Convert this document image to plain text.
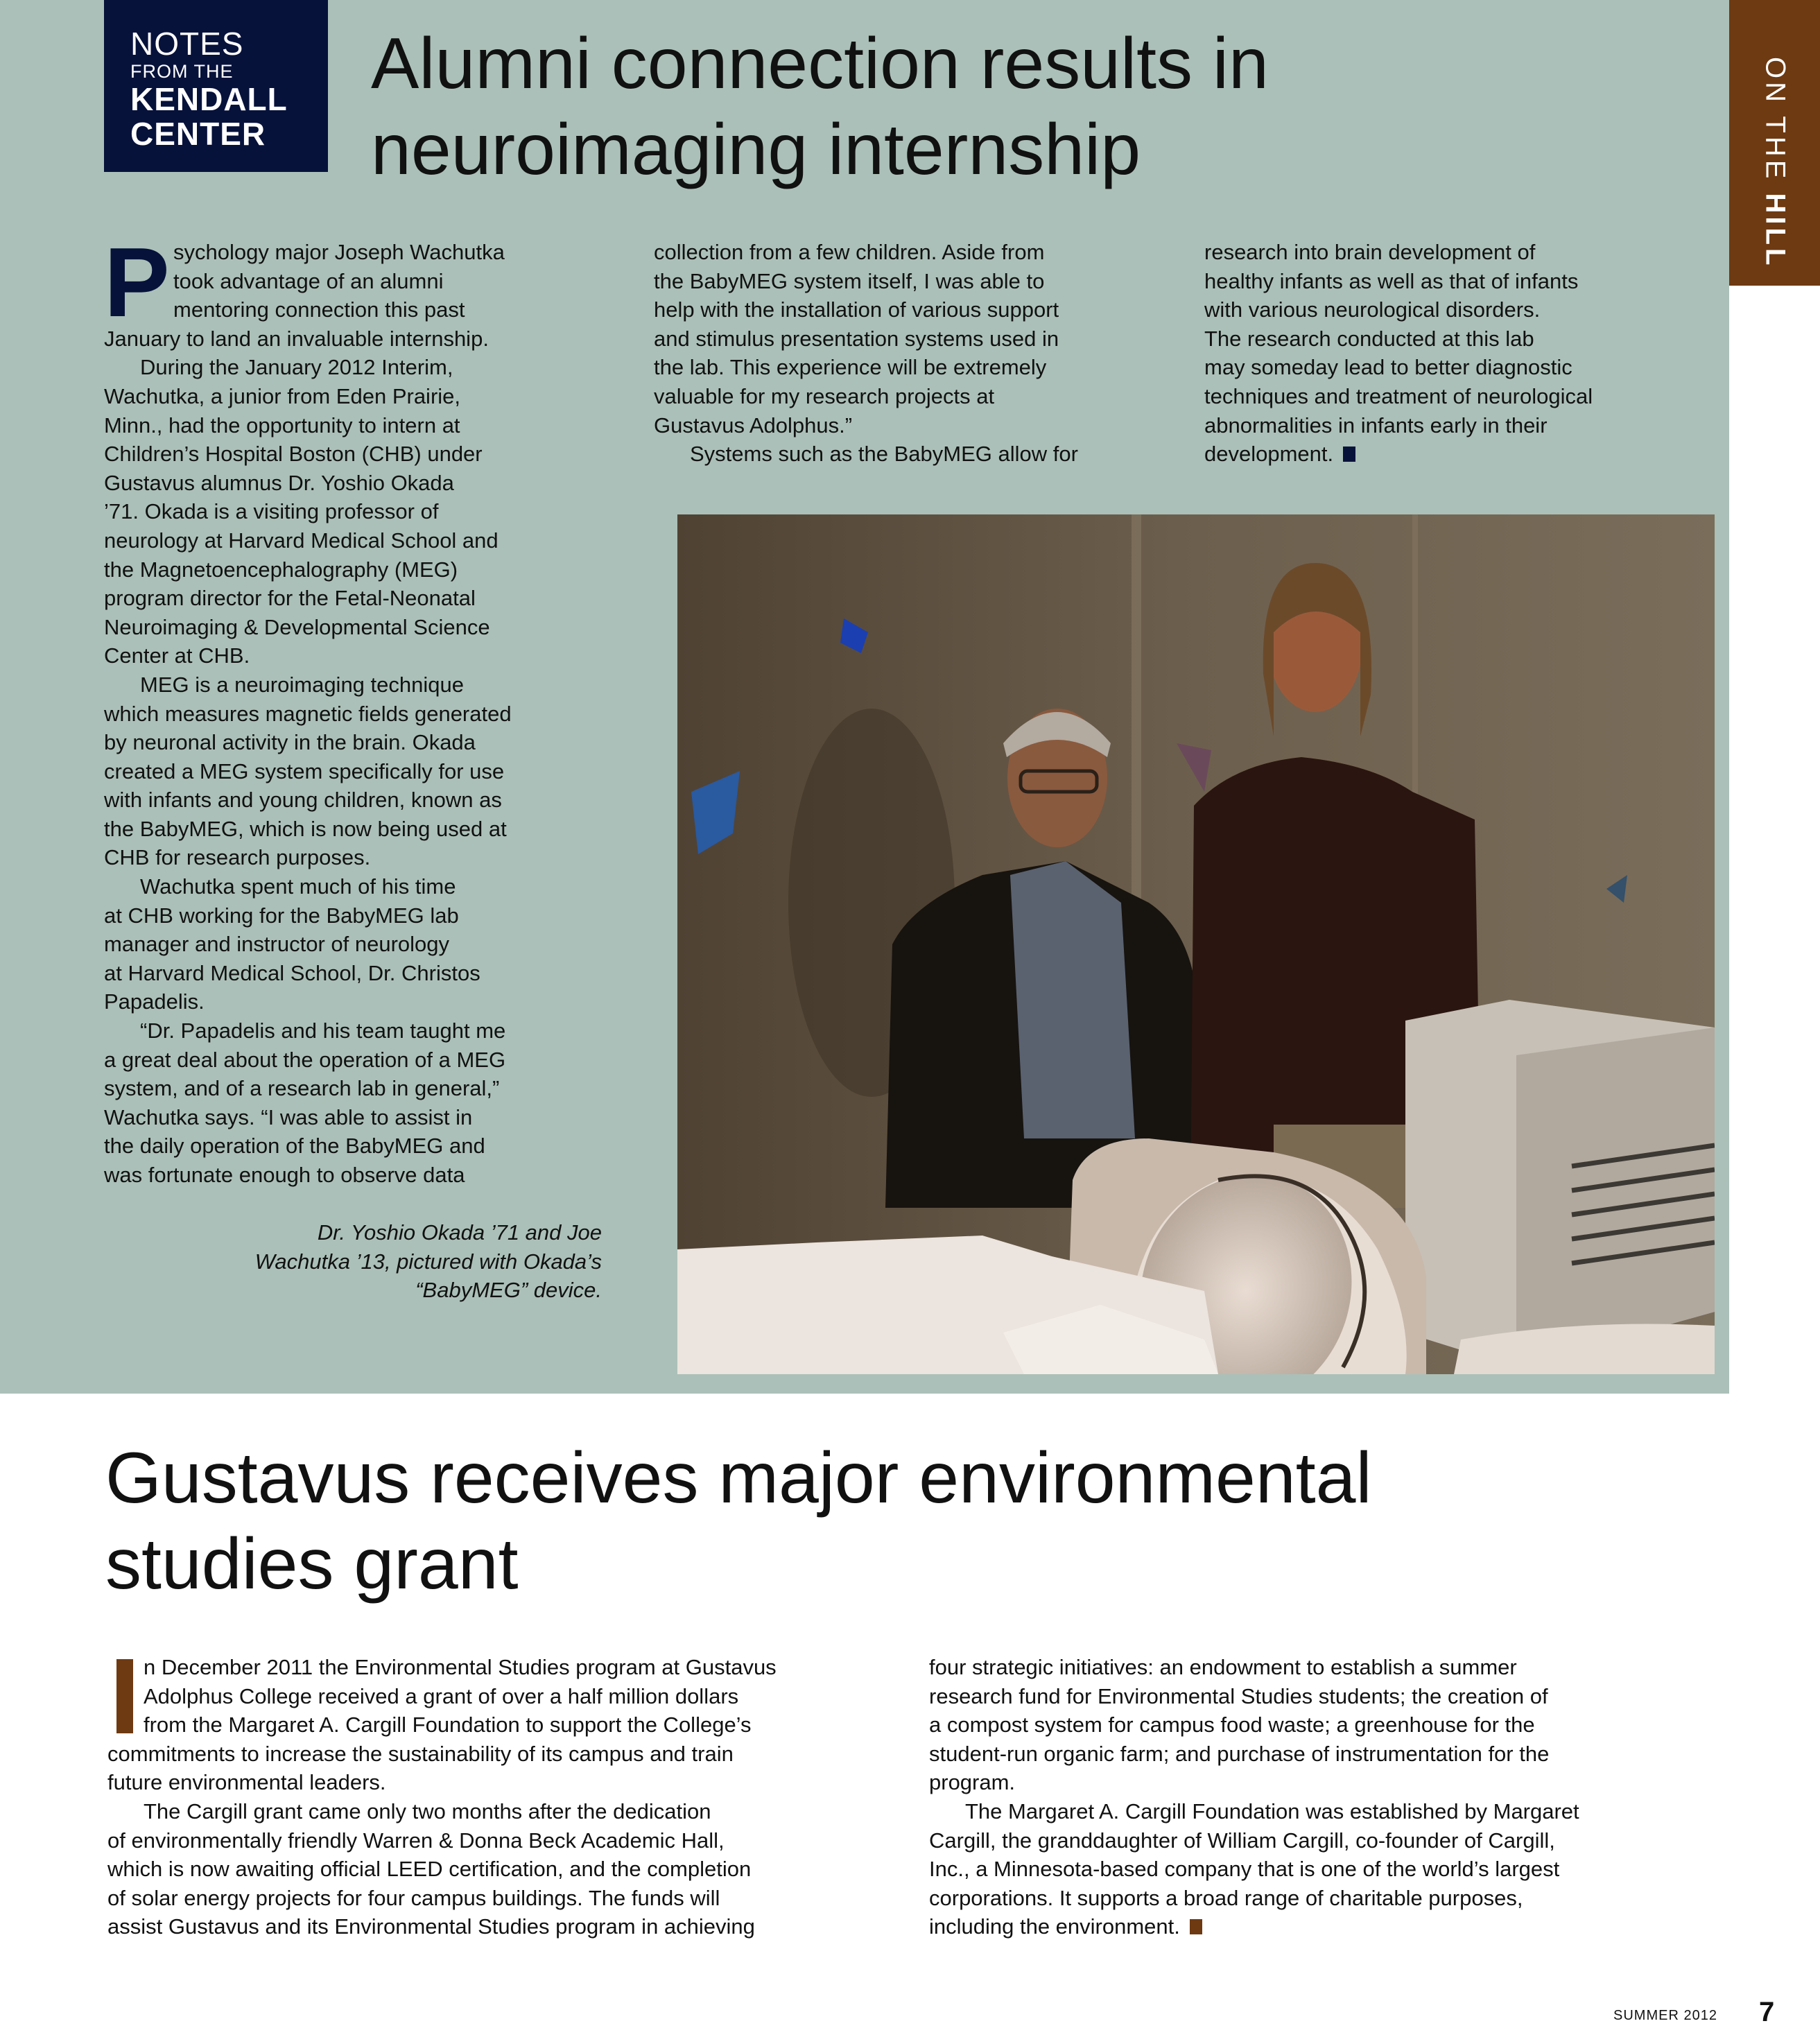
ON THE HILL
NOTES
FROM THE
KENDALL
CENTER
Alumni connection results in
neuroimaging internship
P sychology major Joseph Wachutka
took advantage of an alumni
mentoring connection this past
January to land an invaluable internship.
During the January 2012 Interim,
Wachutka, a junior from Eden Prairie,
Minn., had the opportunity to intern at
Children’s Hospital Boston (CHB) under
Gustavus alumnus Dr. Yoshio Okada
’71. Okada is a visiting professor of
neurology at Harvard Medical School and
the Magnetoencephalography (MEG)
program director for the Fetal-Neonatal
Neuroimaging & Developmental Science
Center at CHB.
MEG is a neuroimaging technique
which measures magnetic fields generated
by neuronal activity in the brain. Okada
created a MEG system specifically for use
with infants and young children, known as
the BabyMEG, which is now being used at
CHB for research purposes.
Wachutka spent much of his time
at CHB working for the BabyMEG lab
manager and instructor of neurology
at Harvard Medical School, Dr. Christos
Papadelis.
“Dr. Papadelis and his team taught me
a great deal about the operation of a MEG
system, and of a research lab in general,”
Wachutka says. “I was able to assist in
the daily operation of the BabyMEG and
was fortunate enough to observe data
collection from a few children. Aside from
the BabyMEG system itself, I was able to
help with the installation of various support
and stimulus presentation systems used in
the lab. This experience will be extremely
valuable for my research projects at
Gustavus Adolphus.”
Systems such as the BabyMEG allow for
research into brain development of
healthy infants as well as that of infants
with various neurological disorders.
The research conducted at this lab
may someday lead to better diagnostic
techniques and treatment of neurological
abnormalities in infants early in their
development.
Dr. Yoshio Okada ’71 and Joe
Wachutka ’13, pictured with Okada’s
“BabyMEG” device.
Gustavus receives major environmental
studies grant
n December 2011 the Environmental Studies program at Gustavus
Adolphus College received a grant of over a half million dollars
from the Margaret A. Cargill Foundation to support the College’s
commitments to increase the sustainability of its campus and train
future environmental leaders.
The Cargill grant came only two months after the dedication
of environmentally friendly Warren & Donna Beck Academic Hall,
which is now awaiting official LEED certification, and the completion
of solar energy projects for four campus buildings. The funds will
assist Gustavus and its Environmental Studies program in achieving
four strategic initiatives: an endowment to establish a summer
research fund for Environmental Studies students; the creation of
a compost system for campus food waste; a greenhouse for the
student-run organic farm; and purchase of instrumentation for the
program.
The Margaret A. Cargill Foundation was established by Margaret
Cargill, the granddaughter of William Cargill, co-founder of Cargill,
Inc., a Minnesota-based company that is one of the world’s largest
corporations. It supports a broad range of charitable purposes,
including the environment.
SUMMER 2012 7
